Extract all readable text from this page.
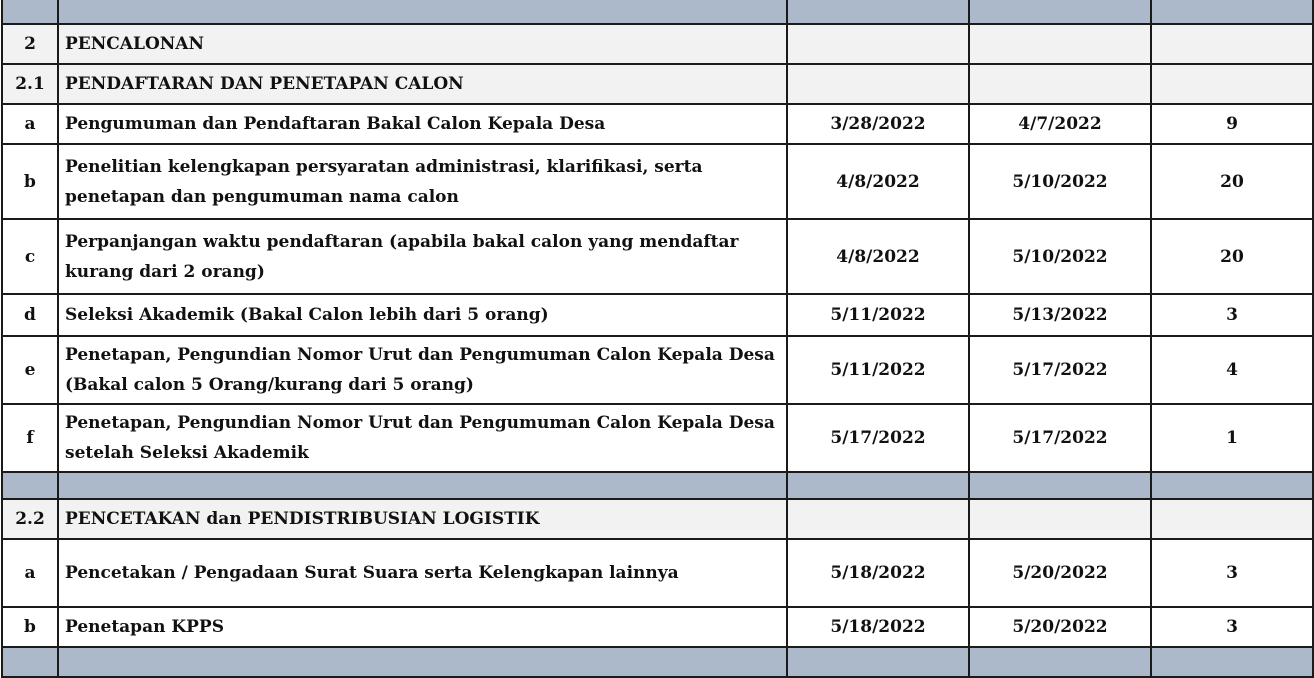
2	PENCALONAN			
2.1	PENDAFTARAN DAN PENETAPAN CALON			
a	Pengumuman dan Pendaftaran Bakal Calon Kepala Desa	3/28/2022	4/7/2022	9
b	Penelitian kelengkapan persyaratan administrasi, klarifikasi, serta penetapan dan pengumuman nama calon	4/8/2022	5/10/2022	20
c	Perpanjangan waktu pendaftaran (apabila bakal calon yang mendaftar kurang dari 2 orang)	4/8/2022	5/10/2022	20
d	Seleksi Akademik (Bakal Calon lebih dari 5 orang)	5/11/2022	5/13/2022	3
e	Penetapan, Pengundian Nomor Urut dan Pengumuman Calon Kepala Desa (Bakal calon 5 Orang/kurang dari 5 orang)	5/11/2022	5/17/2022	4
f	Penetapan, Pengundian Nomor Urut dan Pengumuman Calon Kepala Desa setelah Seleksi Akademik	5/17/2022	5/17/2022	1

2.2	PENCETAKAN dan PENDISTRIBUSIAN LOGISTIK			
a	Pencetakan / Pengadaan Surat Suara serta Kelengkapan lainnya	5/18/2022	5/20/2022	3
b	Penetapan KPPS	5/18/2022	5/20/2022	3
